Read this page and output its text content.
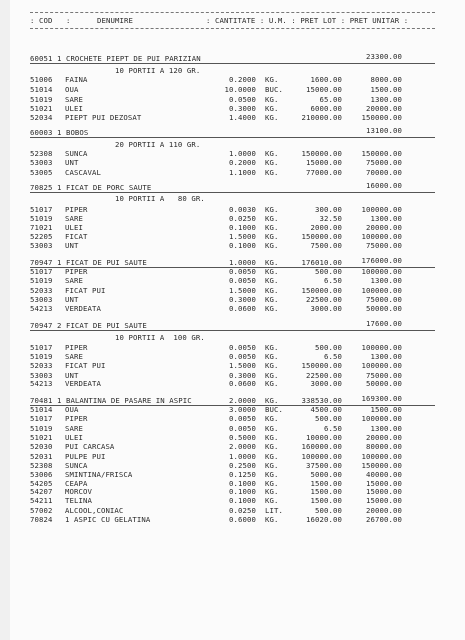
: COD   :	DENUMIRE	: CANTITATE : U.M. : PRET LOT : PRET UNITAR :
60051 1 CROCHETE PIEPT DE PUI PARIZIAN	23300.00
10 PORTII A 120 GR.
51006 FAINA	0.2000 KG.	1600.00	8000.00
51014 OUA	10.0000 BUC.	15000.00	1500.00
51019 SARE	0.0500 KG.	65.00	1300.00
51021 ULEI	0.3000 KG.	6000.00	20000.00
52034 PIEPT PUI DEZOSAT	1.4000 KG.	210000.00	150000.00
60003 1 BOBOS	13100.00
20 PORTII A 110 GR.
52308 SUNCA	1.0000 KG.	150000.00	150000.00
53003 UNT	0.2000 KG.	15000.00	75000.00
53005 CASCAVAL	1.1000 KG.	77000.00	70000.00
70825 1 FICAT DE PORC SAUTE	16000.00
10 PORTII A   80 GR.
51017 PIPER	0.0030 KG.	300.00	100000.00
51019 SARE	0.0250 KG.	32.50	1300.00
71021 ULEI	0.1000 KG.	2000.00	20000.00
52205 FICAT	1.5000 KG.	150000.00	100000.00
53003 UNT	0.1000 KG.	7500.00	75000.00
70947 1 FICAT DE PUI SAUTE	1.0000 KG.	176010.00	176000.00
51017 PIPER	0.0050 KG.	500.00	100000.00
51019 SARE	0.0050 KG.	6.50	1300.00
52033 FICAT PUI	1.5000 KG.	150000.00	100000.00
53003 UNT	0.3000 KG.	22500.00	75000.00
54213 VERDEATA	0.0600 KG.	3000.00	50000.00
70947 2 FICAT DE PUI SAUTE	17600.00
10 PORTII A  100 GR.
51017 PIPER	0.0050 KG.	500.00	100000.00
51019 SARE	0.0050 KG.	6.50	1300.00
52033 FICAT PUI	1.5000 KG.	150000.00	100000.00
53003 UNT	0.3000 KG.	22500.00	75000.00
54213 VERDEATA	0.0600 KG.	3000.00	50000.00
70481 1 BALANTINA DE PASARE IN ASPIC	2.0000 KG.	338530.00	169300.00
51014 OUA	3.0000 BUC.	4500.00	1500.00
51017 PIPER	0.0050 KG.	500.00	100000.00
51019 SARE	0.0050 KG.	6.50	1300.00
51021 ULEI	0.5000 KG.	10000.00	20000.00
52030 PUI CARCASA	2.0000 KG.	160000.00	80000.00
52031 PULPE PUI	1.0000 KG.	100000.00	100000.00
52308 SUNCA	0.2500 KG.	37500.00	150000.00
53006 SMINTINA/FRISCA	0.1250 KG.	5000.00	40000.00
54205 CEAPA	0.1000 KG.	1500.00	15000.00
54207 MORCOV	0.1000 KG.	1500.00	15000.00
54211 TELINA	0.1000 KG.	1500.00	15000.00
57002 ALCOOL,CONIAC	0.0250 LIT.	500.00	20000.00
70824 1 ASPIC CU GELATINA	0.6000 KG.	16020.00	26700.00
